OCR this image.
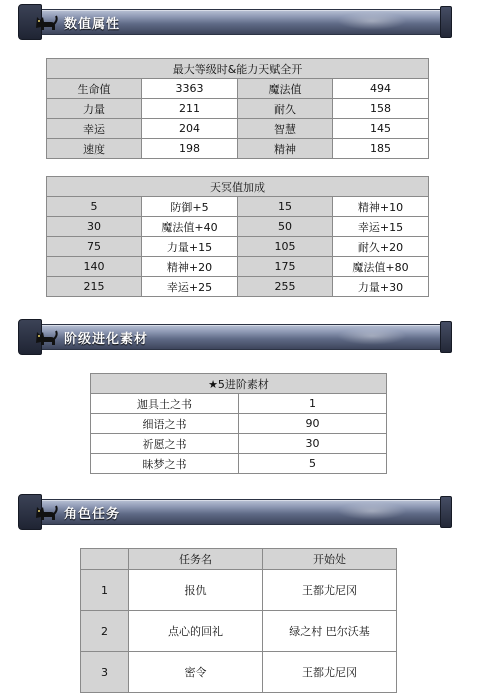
数值属性
最大等级时&能力天赋全开			
生命值	3363	魔法值	494
力量	211	耐久	158
幸运	204	智慧	145
速度	198	精神	185
天冥值加成			
5	防御+5	15	精神+10
30	魔法值+40	50	幸运+15
75	力量+15	105	耐久+20
140	精神+20	175	魔法值+80
215	幸运+25	255	力量+30
阶级进化素材
★5进阶素材	
迦具土之书	1
细语之书	90
祈愿之书	30
昧梦之书	5
角色任务
	任务名	开始处
1	报仇	王都尤尼冈
2	点心的回礼	绿之村 巴尔沃基
3	密令	王都尤尼冈
